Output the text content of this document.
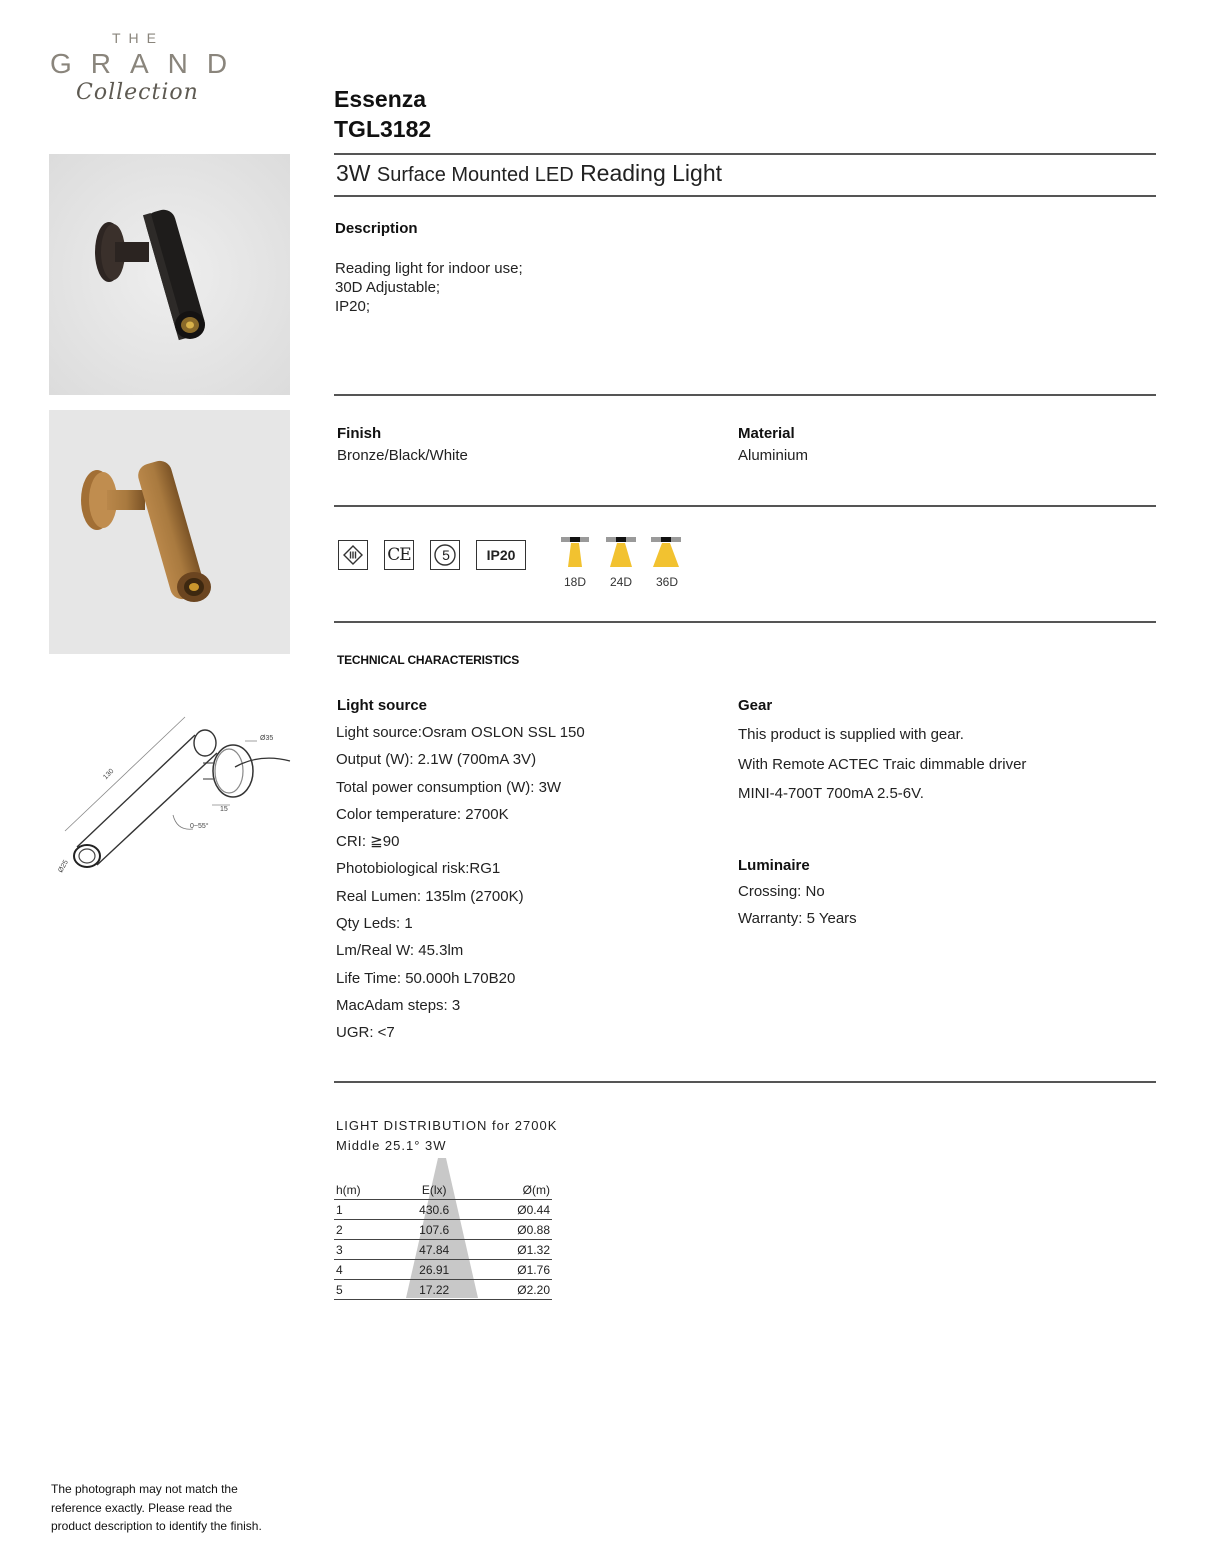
THE
GRAND
Collection	Essenza
TGL3182
3W Surface Mounted LED Reading Light
Ø35
130
15
0~55°
Ø25
Description
Reading light for indoor use;
30D Adjustable;
IP20;
Finish
Bronze/Black/White
Material
Aluminium
CE	5	IP20
18D	24D	36D
TECHNICAL CHARACTERISTICS
Light source
Light source:Osram OSLON SSL 150
Output (W): 2.1W (700mA 3V)
Total power consumption (W): 3W
Color temperature: 2700K
CRI: ≧90
Photobiological risk:RG1
Real Lumen: 135lm (2700K)
Qty Leds: 1
Lm/Real W: 45.3lm
Life Time: 50.000h L70B20
MacAdam steps: 3
UGR: <7
Gear
This product is supplied with gear.
With Remote ACTEC Traic dimmable driver
MINI-4-700T 700mA 2.5-6V.
Luminaire
Crossing: No
Warranty: 5 Years
LIGHT DISTRIBUTION for 2700K
Middle 25.1° 3W
h(m)	E(lx)	Ø(m)
1	430.6	Ø0.44
2	107.6	Ø0.88
3	47.84	Ø1.32
4	26.91	Ø1.76
5	17.22	Ø2.20
The photograph may not match the
reference exactly. Please read the
product description to identify the finish.
